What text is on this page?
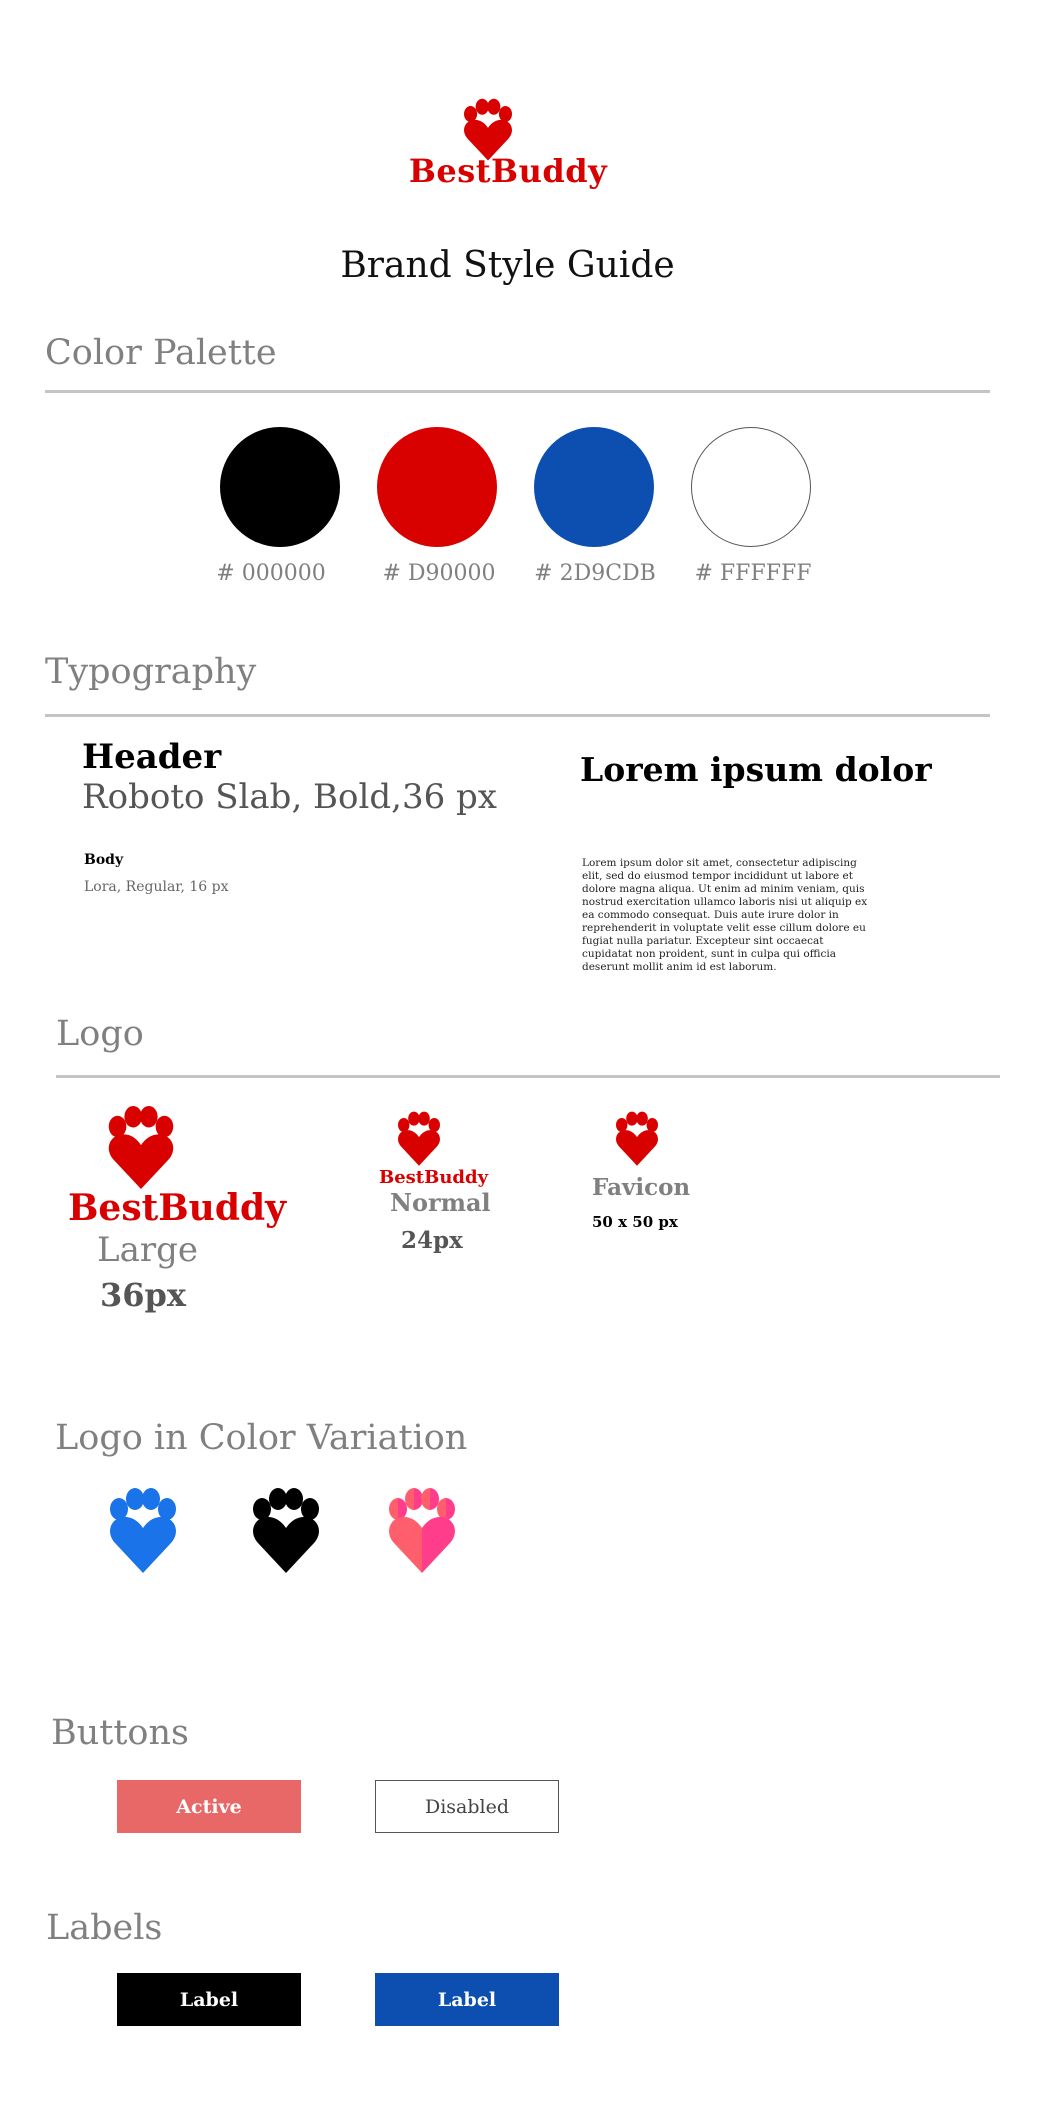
BestBuddy
Brand Style Guide
Color Palette
# 000000	# D90000	# 2D9CDB	# FFFFFF
Typography
Header
Roboto Slab, Bold,36 px
Body
Lora, Regular, 16 px
Lorem ipsum dolor
Lorem ipsum dolor sit amet, consectetur adipiscing elit, sed do eiusmod tempor incididunt ut labore et dolore magna aliqua. Ut enim ad minim veniam, quis nostrud exercitation ullamco laboris nisi ut aliquip ex ea commodo consequat. Duis aute irure dolor in reprehenderit in voluptate velit esse cillum dolore eu fugiat nulla pariatur. Excepteur sint occaecat cupidatat non proident, sunt in culpa qui officia deserunt mollit anim id est laborum.
Logo
BestBuddy
Large
36px
BestBuddy
Normal
24px
Favicon
50 x 50 px
Logo in Color Variation
Buttons
Active	Disabled
Labels
Label	Label
